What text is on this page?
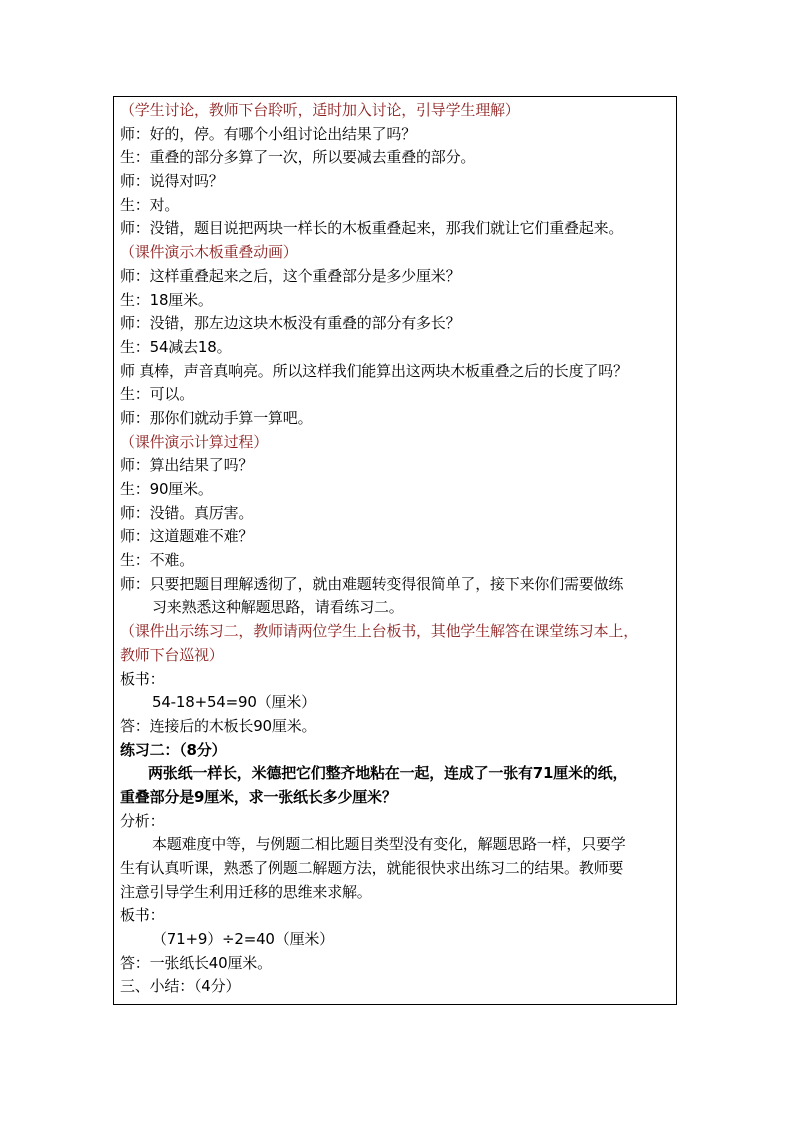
（学生讨论，教师下台聆听，适时加入讨论，引导学生理解）
师：好的，停。有哪个小组讨论出结果了吗？
生：重叠的部分多算了一次，所以要减去重叠的部分。
师：说得对吗？
生：对。
师：没错，题目说把两块一样长的木板重叠起来，那我们就让它们重叠起来。
（课件演示木板重叠动画）
师：这样重叠起来之后，这个重叠部分是多少厘米？
生：18厘米。
师：没错，那左边这块木板没有重叠的部分有多长？
生：54减去18。
师 真棒，声音真响亮。所以这样我们能算出这两块木板重叠之后的长度了吗？
生：可以。
师：那你们就动手算一算吧。
（课件演示计算过程）
师：算出结果了吗？
生：90厘米。
师：没错。真厉害。
师：这道题难不难？
生：不难。
师：只要把题目理解透彻了，就由难题转变得很简单了，接下来你们需要做练
习来熟悉这种解题思路，请看练习二。
（课件出示练习二，教师请两位学生上台板书，其他学生解答在课堂练习本上，
教师下台巡视）
板书：
54-18+54=90（厘米）
答：连接后的木板长90厘米。
练习二：（8分）
两张纸一样长，米德把它们整齐地粘在一起，连成了一张有71厘米的纸，
重叠部分是9厘米，求一张纸长多少厘米？
分析：
本题难度中等，与例题二相比题目类型没有变化，解题思路一样，只要学
生有认真听课，熟悉了例题二解题方法，就能很快求出练习二的结果。教师要
注意引导学生利用迁移的思维来求解。
板书：
（71+9）÷2=40（厘米）
答：一张纸长40厘米。
三、小结：（4分）
